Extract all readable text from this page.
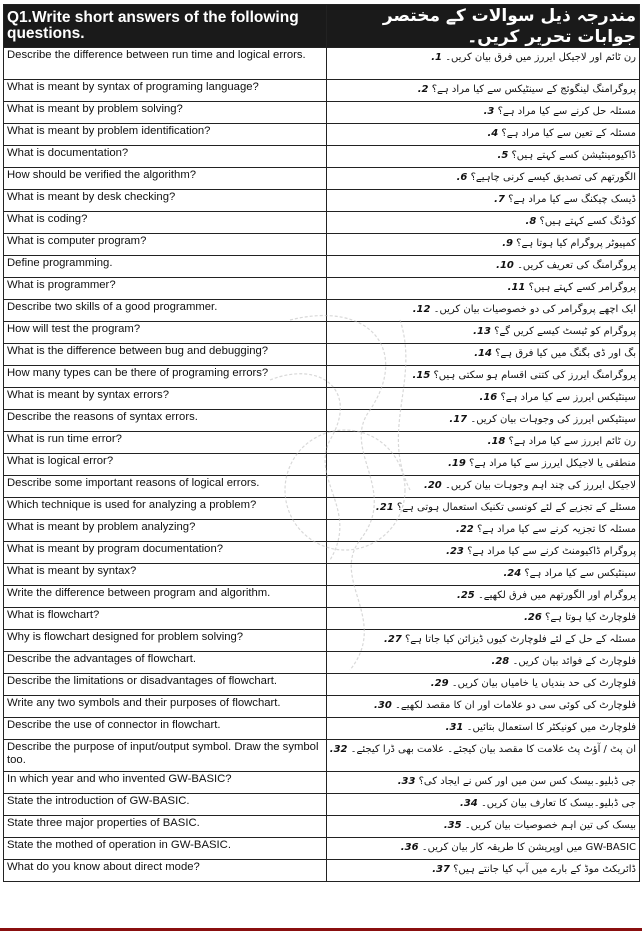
Q1.Write short answers of the following questions.	مندرجہ ذیل سوالات کے مختصر جوابات تحریر کریں۔

Describe the difference between run time and logical errors.	رن ٹائم اور لاجیکل ایررز میں فرق بیان کریں۔ 1.

What is meant by syntax of programing language?	پروگرامنگ لینگوئج کے سینٹیکس سے کیا مراد ہے؟ 2.

What is meant by problem solving?	مسئلہ حل کرنے سے کیا مراد ہے؟ 3.

What is meant by problem identification?	مسئلہ کے تعین سے کیا مراد ہے؟ 4.

What is documentation?	ڈاکیومینٹیشن کسے کہتے ہیں؟ 5.

How should be verified the algorithm?	الگورتھم کی تصدیق کیسے کرنی چاہیے؟ 6.

What is meant by desk checking?	ڈیسک چیکنگ سے کیا مراد ہے؟ 7.

What is coding?	کوڈنگ کسے کہتے ہیں؟ 8.

What is computer program?	کمپیوٹر پروگرام کیا ہوتا ہے؟ 9.

Define programming.	پروگرامنگ کی تعریف کریں۔ 10.

What is programmer?	پروگرامر کسے کہتے ہیں؟ 11.

Describe two skills of a good programmer.	ایک اچھے پروگرامر کی دو خصوصیات بیان کریں۔ 12.

How will test the program?	پروگرام کو ٹیسٹ کیسے کریں گے؟ 13.

What is the difference between bug and debugging?	بگ اور ڈی بگنگ میں کیا فرق ہے؟ 14.

How many types can be there of programing errors?	پروگرامنگ ایررز کی کتنی اقسام ہو سکتی ہیں؟ 15.

What is meant by syntax errors?	سینٹیکس ایررز سے کیا مراد ہے؟ 16.

Describe the reasons of syntax errors.	سینٹیکس ایررز کی وجوہات بیان کریں۔ 17.

What is run time error?	رن ٹائم ایررز سے کیا مراد ہے؟ 18.

What is logical error?	منطقی یا لاجیکل ایررز سے کیا مراد ہے؟ 19.

Describe some important reasons of logical errors.	لاجیکل ایررز کی چند اہم وجوہات بیان کریں۔ 20.

Which technique is used for analyzing a problem?	مسئلے کے تجزیے کے لئے کونسی تکنیک استعمال ہوتی ہے؟ 21.

What is meant by problem analyzing?	مسئلہ کا تجزیہ کرنے سے کیا مراد ہے؟ 22.

What is meant by program documentation?	پروگرام ڈاکیومنٹ کرنے سے کیا مراد ہے؟ 23.

What is meant by syntax?	سینٹیکس سے کیا مراد ہے؟ 24.

Write the difference between program and algorithm.	پروگرام اور الگورتھم میں فرق لکھیے۔ 25.

What is flowchart?	فلوچارٹ کیا ہوتا ہے؟ 26.

Why is flowchart designed for problem solving?	مسئلہ کے حل کے لئے فلوچارٹ کیوں ڈیزائن کیا جاتا ہے؟ 27.

Describe the advantages of flowchart.	فلوچارٹ کے فوائد بیان کریں۔ 28.

Describe the limitations or disadvantages of flowchart.	فلوچارٹ کی حد بندیاں یا خامیاں بیان کریں۔ 29.

Write any two symbols and their purposes of flowchart.	فلوچارٹ کی کوئی سی دو علامات اور ان کا مقصد لکھیے۔ 30.

Describe the use of connector in flowchart.	فلوچارٹ میں کونیکٹر کا استعمال بتائیں۔ 31.

Describe the purpose of input/output symbol. Draw the symbol too.	ان پٹ / آؤٹ پٹ علامت کا مقصد بیان کیجئے۔ علامت بھی ڈرا کیجئے۔ 32.

In which year and who invented GW-BASIC?	جی ڈبلیو۔بیسک کس سن میں اور کس نے ایجاد کی؟ 33.

State the introduction of GW-BASIC.	جی ڈبلیو۔بیسک کا تعارف بیان کریں۔ 34.

State three major properties of BASIC.	بیسک کی تین اہم خصوصیات بیان کریں۔ 35.

State the mothed of operation in GW-BASIC.	GW-BASIC میں اوپریشن کا طریقہ کار بیان کریں۔ 36.

What do you know about direct mode?	ڈائریکٹ موڈ کے بارے میں آپ کیا جانتے ہیں؟ 37.
